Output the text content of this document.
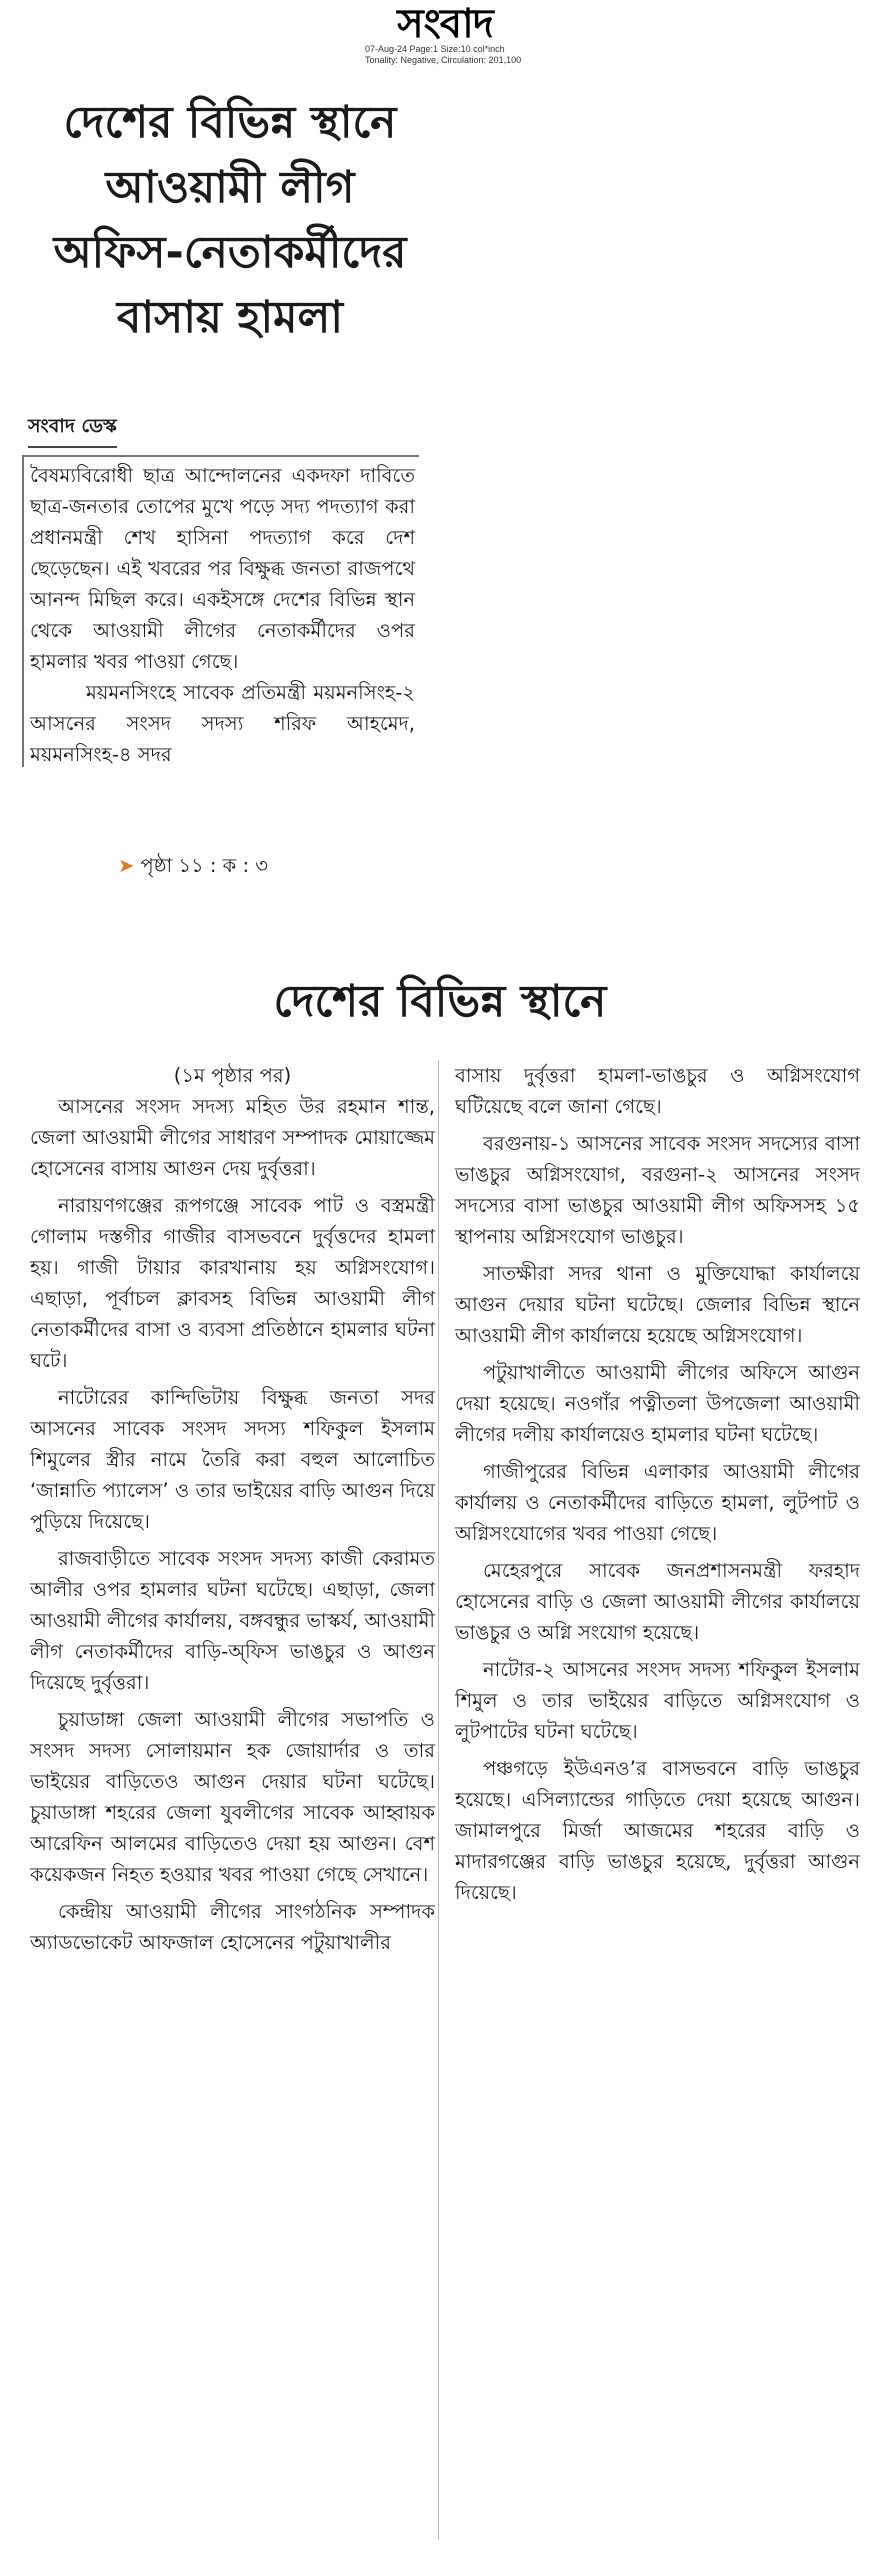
সংবাদ
07-Aug-24 Page:1 Size:10 col*inch
Tonality: Negative, Circulation: 201,100
দেশের বিভিন্ন স্থানে
আওয়ামী লীগ
অফিস-নেতাকর্মীদের
বাসায় হামলা
সংবাদ ডেস্ক

বৈষম্যবিরোধী ছাত্র আন্দোলনের একদফা দাবিতে ছাত্র-জনতার তোপের মুখে পড়ে সদ্য পদত্যাগ করা প্রধানমন্ত্রী শেখ হাসিনা পদত্যাগ করে দেশ ছেড়েছেন। এই খবরের পর বিক্ষুব্ধ জনতা রাজপথে আনন্দ মিছিল করে। একইসঙ্গে দেশের বিভিন্ন স্থান থেকে আওয়ামী লীগের নেতাকর্মীদের ওপর হামলার খবর পাওয়া গেছে।

ময়মনসিংহে সাবেক প্রতিমন্ত্রী ময়মনসিংহ-২ আসনের সংসদ সদস্য শরিফ আহমেদ, ময়মনসিংহ-৪ সদর

➤ পৃষ্ঠা ১১ : ক : ৩
দেশের বিভিন্ন স্থানে

(১ম পৃষ্ঠার পর)

আসনের সংসদ সদস্য মহিত উর রহমান শান্ত, জেলা আওয়ামী লীগের সাধারণ সম্পাদক মোয়াজ্জেম হোসেনের বাসায় আগুন দেয় দুর্বৃত্তরা।

নারায়ণগঞ্জের রূপগঞ্জে সাবেক পাট ও বস্ত্রমন্ত্রী গোলাম দস্তগীর গাজীর বাসভবনে দুর্বৃত্তদের হামলা হয়। গাজী টায়ার কারখানায় হয় অগ্নিসংযোগ। এছাড়া, পূর্বাচল ক্লাবসহ বিভিন্ন আওয়ামী লীগ নেতাকর্মীদের বাসা ও ব্যবসা প্রতিষ্ঠানে হামলার ঘটনা ঘটে।

নাটোরের কান্দিভিটায় বিক্ষুব্ধ জনতা সদর আসনের সাবেক সংসদ সদস্য শফিকুল ইসলাম শিমুলের স্ত্রীর নামে তৈরি করা বহুল আলোচিত ‘জান্নাতি প্যালেস’ ও তার ভাইয়ের বাড়ি আগুন দিয়ে পুড়িয়ে দিয়েছে।

রাজবাড়ীতে সাবেক সংসদ সদস্য কাজী কেরামত আলীর ওপর হামলার ঘটনা ঘটেছে। এছাড়া, জেলা আওয়ামী লীগের কার্যালয়, বঙ্গবন্ধুর ভাস্কর্য, আওয়ামী লীগ নেতাকর্মীদের বাড়ি-অ্ফিস ভাঙচুর ও আগুন দিয়েছে দুর্বৃত্তরা।

চুয়াডাঙ্গা জেলা আওয়ামী লীগের সভাপতি ও সংসদ সদস্য সোলায়মান হক জোয়ার্দার ও তার ভাইয়ের বাড়িতেও আগুন দেয়ার ঘটনা ঘটেছে। চুয়াডাঙ্গা শহরের জেলা যুবলীগের সাবেক আহ্বায়ক আরেফিন আলমের বাড়িতেও দেয়া হয় আগুন। বেশ কয়েকজন নিহত হওয়ার খবর পাওয়া গেছে সেখানে।

কেন্দ্রীয় আওয়ামী লীগের সাংগঠনিক সম্পাদক অ্যাডভোকেট আফজাল হোসেনের পটুয়াখালীর

বাসায় দুর্বৃত্তরা হামলা-ভাঙচুর ও অগ্নিসংযোগ ঘটিয়েছে বলে জানা গেছে।

বরগুনায়-১ আসনের সাবেক সংসদ সদস্যের বাসা ভাঙচুর অগ্নিসংযোগ, বরগুনা-২ আসনের সংসদ সদস্যের বাসা ভাঙচুর আওয়ামী লীগ অফিসসহ ১৫ স্থাপনায় অগ্নিসংযোগ ভাঙচুর।

সাতক্ষীরা সদর থানা ও মুক্তিযোদ্ধা কার্যালয়ে আগুন দেয়ার ঘটনা ঘটেছে। জেলার বিভিন্ন স্থানে আওয়ামী লীগ কার্যালয়ে হয়েছে অগ্নিসংযোগ।

পটুয়াখালীতে আওয়ামী লীগের অফিসে আগুন দেয়া হয়েছে। নওগাঁর পত্নীতলা উপজেলা আওয়ামী লীগের দলীয় কার্যালয়েও হামলার ঘটনা ঘটেছে।

গাজীপুরের বিভিন্ন এলাকার আওয়ামী লীগের কার্যালয় ও নেতাকর্মীদের বাড়িতে হামলা, লুটপাট ও অগ্নিসংযোগের খবর পাওয়া গেছে।

মেহেরপুরে সাবেক জনপ্রশাসনমন্ত্রী ফরহাদ হোসেনের বাড়ি ও জেলা আওয়ামী লীগের কার্যালয়ে ভাঙচুর ও অগ্নি সংযোগ হয়েছে।

নাটোর-২ আসনের সংসদ সদস্য শফিকুল ইসলাম শিমুল ও তার ভাইয়ের বাড়িতে অগ্নিসংযোগ ও লুটপাটের ঘটনা ঘটেছে।

পঞ্চগড়ে ইউএনও’র বাসভবনে বাড়ি ভাঙচুর হয়েছে। এসিল্যান্ডের গাড়িতে দেয়া হয়েছে আগুন। জামালপুরে মির্জা আজমের শহরের বাড়ি ও মাদারগঞ্জের বাড়ি ভাঙচুর হয়েছে, দুর্বৃত্তরা আগুন দিয়েছে।
